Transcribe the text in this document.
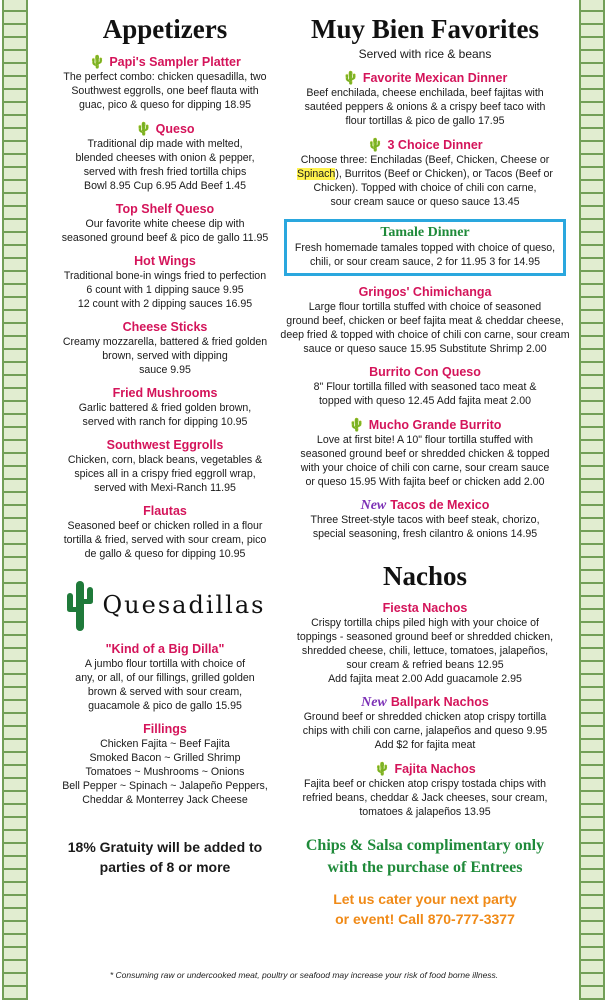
Appetizers
🌵 Papi's Sampler Platter
The perfect combo: chicken quesadilla, two
Southwest eggrolls, one beef flauta with
guac, pico & queso for dipping 18.95
🌵 Queso
Traditional dip made with melted,
blended cheeses with onion & pepper,
served with fresh fried tortilla chips
Bowl 8.95 Cup 6.95 Add Beef 1.45
Top Shelf Queso
Our favorite white cheese dip with
seasoned ground beef & pico de gallo 11.95
Hot Wings
Traditional bone-in wings fried to perfection
6 count with 1 dipping sauce 9.95
12 count with 2 dipping sauces 16.95
Cheese Sticks
Creamy mozzarella, battered & fried golden
brown, served with dipping
sauce 9.95
Fried Mushrooms
Garlic battered & fried golden brown,
served with ranch for dipping 10.95
Southwest Eggrolls
Chicken, corn, black beans, vegetables &
spices all in a crispy fried eggroll wrap,
served with Mexi-Ranch 11.95
Flautas
Seasoned beef or chicken rolled in a flour
tortilla & fried, served with sour cream, pico
de gallo & queso for dipping 10.95
Quesadillas
"Kind of a Big Dilla"
A jumbo flour tortilla with choice of
any, or all, of our fillings, grilled golden
brown & served with sour cream,
guacamole & pico de gallo 15.95
Fillings
Chicken Fajita ~ Beef Fajita
Smoked Bacon ~ Grilled Shrimp
Tomatoes ~ Mushrooms ~ Onions
Bell Pepper ~ Spinach ~ Jalapeño Peppers,
Cheddar & Monterrey Jack Cheese
18% Gratuity will be added to
parties of 8 or more
Muy Bien Favorites
Served with rice & beans
🌵 Favorite Mexican Dinner
Beef enchilada, cheese enchilada, beef fajitas with
sautéed peppers & onions & a crispy beef taco with
flour tortillas & pico de gallo 17.95
🌵 3 Choice Dinner
Choose three: Enchiladas (Beef, Chicken, Cheese or
Spinach), Burritos (Beef or Chicken), or Tacos (Beef or
Chicken). Topped with choice of chili con carne,
sour cream sauce or queso sauce 13.45
Tamale Dinner
Fresh homemade tamales topped with choice of queso,
chili, or sour cream sauce, 2 for 11.95 3 for 14.95
Gringos' Chimichanga
Large flour tortilla stuffed with choice of seasoned
ground beef, chicken or beef fajita meat & cheddar cheese,
deep fried & topped with choice of chili con carne, sour cream
sauce or queso sauce 15.95 Substitute Shrimp 2.00
Burrito Con Queso
8" Flour tortilla filled with seasoned taco meat &
topped with queso 12.45 Add fajita meat 2.00
🌵 Mucho Grande Burrito
Love at first bite! A 10" flour tortilla stuffed with
seasoned ground beef or shredded chicken & topped
with your choice of chili con carne, sour cream sauce
or queso 15.95 With fajita beef or chicken add 2.00
New Tacos de Mexico
Three Street-style tacos with beef steak, chorizo,
special seasoning, fresh cilantro & onions 14.95
Nachos
Fiesta Nachos
Crispy tortilla chips piled high with your choice of
toppings - seasoned ground beef or shredded chicken,
shredded cheese, chili, lettuce, tomatoes, jalapeños,
sour cream & refried beans 12.95
Add fajita meat 2.00 Add guacamole 2.95
New Ballpark Nachos
Ground beef or shredded chicken atop crispy tortilla
chips with chili con carne, jalapeños and queso 9.95
Add $2 for fajita meat
🌵 Fajita Nachos
Fajita beef or chicken atop crispy tostada chips with
refried beans, cheddar & Jack cheeses, sour cream,
tomatoes & jalapeños 13.95
Chips & Salsa complimentary only
with the purchase of Entrees
Let us cater your next party
or event! Call 870-777-3377
* Consuming raw or undercooked meat, poultry or seafood may increase your risk of food borne illness.
